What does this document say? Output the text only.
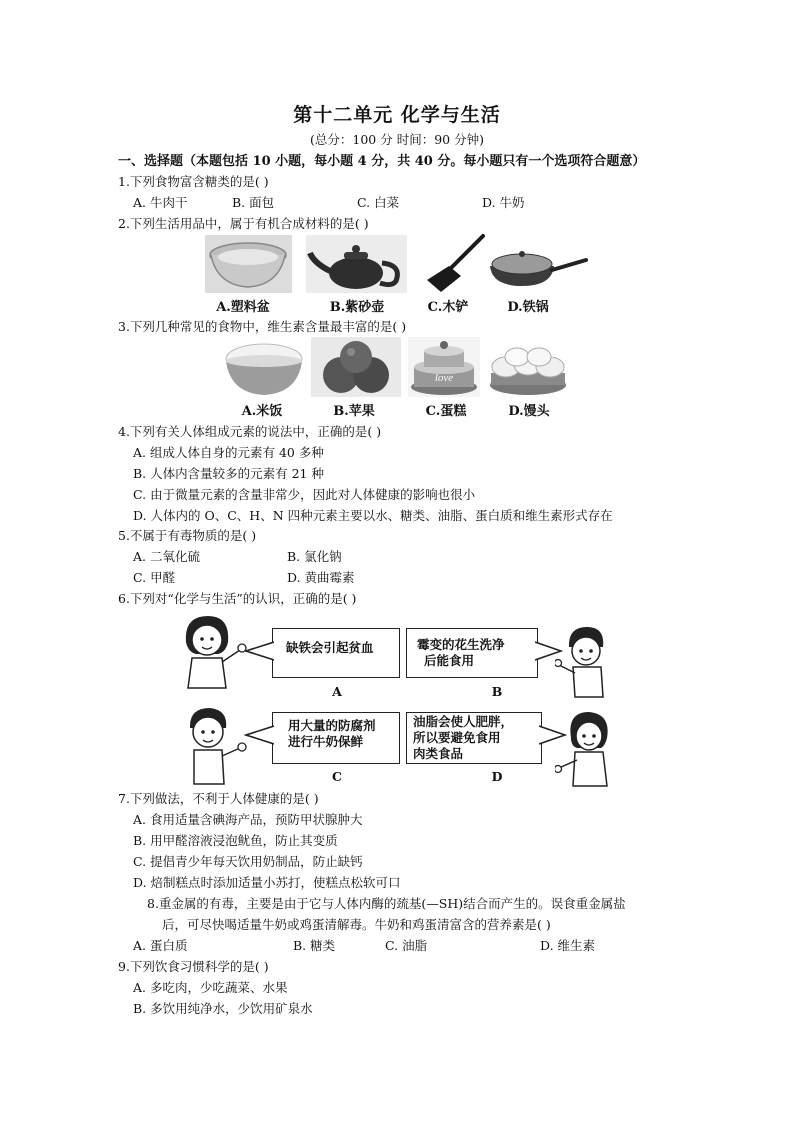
第十二单元 化学与生活
(总分：100 分 时间：90 分钟)
一、选择题（本题包括 10 小题，每小题 4 分，共 40 分。每小题只有一个选项符合题意）
1.下列食物富含糖类的是( )
A. 牛肉干	B. 面包	C. 白菜	D. 牛奶
2.下列生活用品中，属于有机合成材料的是( )
A.塑料盆	B.紫砂壶	C.木铲	D.铁锅
3.下列几种常见的食物中，维生素含量最丰富的是( )
love
A.米饭	B.苹果	C.蛋糕	D.馒头
4.下列有关人体组成元素的说法中，正确的是( )
A. 组成人体自身的元素有 40 多种
B. 人体内含量较多的元素有 21 种
C. 由于微量元素的含量非常少，因此对人体健康的影响也很小
D. 人体内的 O、C、H、N 四种元素主要以水、糖类、油脂、蛋白质和维生素形式存在
5.不属于有毒物质的是( )
A. 二氧化硫	B. 氯化钠
C. 甲醛	D. 黄曲霉素
6.下列对“化学与生活”的认识，正确的是( )
缺铁会引起贫血	霉变的花生洗净
后能食用
A	B
用大量的防腐剂
进行牛奶保鲜
油脂会使人肥胖，
所以要避免食用
肉类食品
C	D
7.下列做法，不利于人体健康的是( )
A. 食用适量含碘海产品，预防甲状腺肿大
B. 用甲醛溶液浸泡鱿鱼，防止其变质
C. 提倡青少年每天饮用奶制品，防止缺钙
D. 焙制糕点时添加适量小苏打，使糕点松软可口
8.重金属的有毒，主要是由于它与人体内酶的巯基(—SH)结合而产生的。误食重金属盐
后，可尽快喝适量牛奶或鸡蛋清解毒。牛奶和鸡蛋清富含的营养素是( )
A. 蛋白质	B. 糖类	C. 油脂	D. 维生素
9.下列饮食习惯科学的是( )
A. 多吃肉，少吃蔬菜、水果
B. 多饮用纯净水，少饮用矿泉水
